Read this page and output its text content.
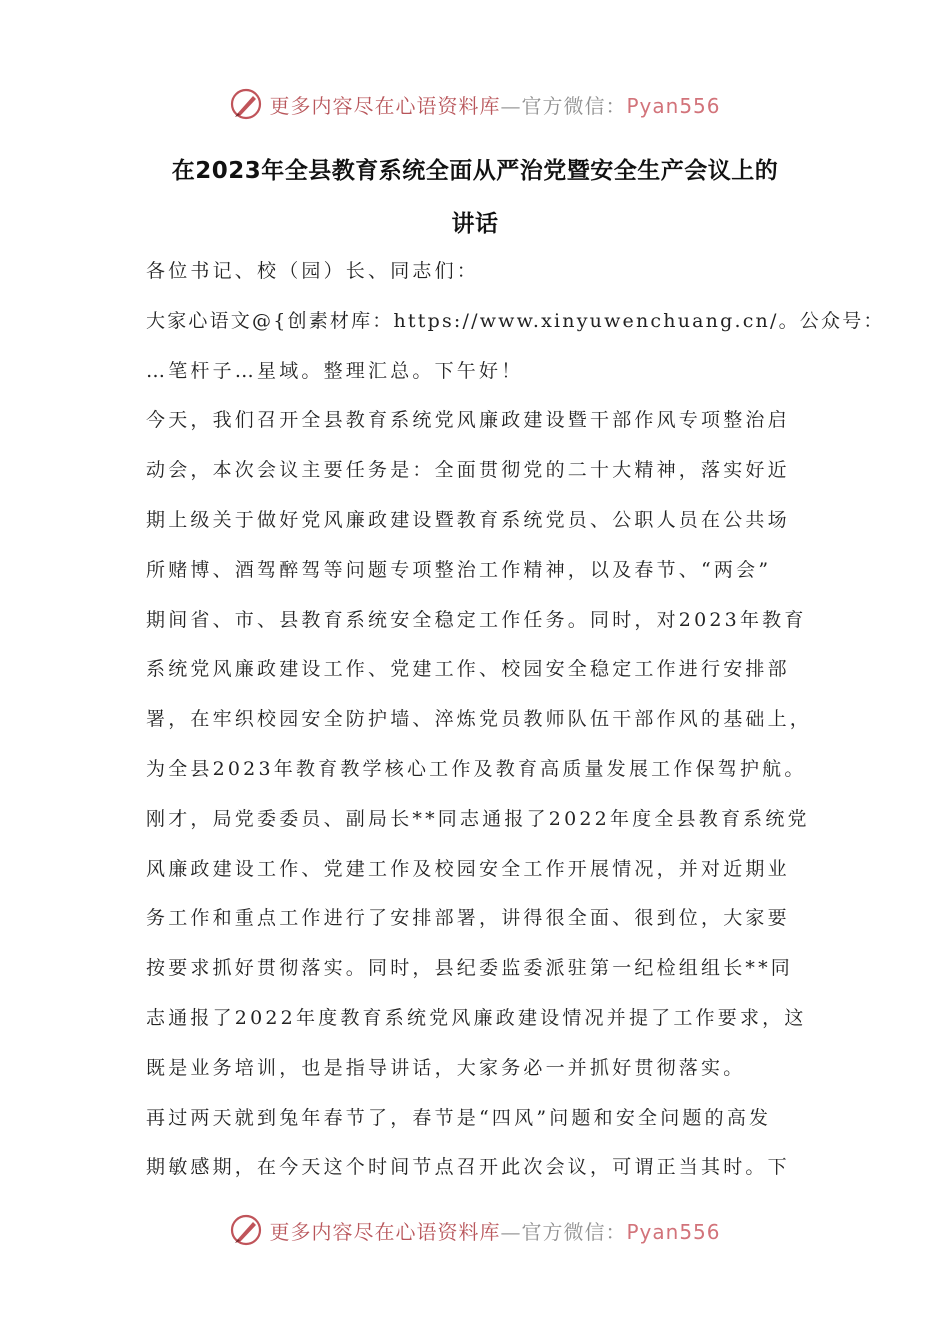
更多内容尽在心语资料库—官方微信：Pyan556
在2023年全县教育系统全面从严治党暨安全生产会议上的
讲话
各位书记、校（园）长、同志们：
大家心语文@{创素材库：https://www.xinyuwenchuang.cn/。公众号：
…笔杆子…星域。整理汇总。下午好！
今天，我们召开全县教育系统党风廉政建设暨干部作风专项整治启
动会，本次会议主要任务是：全面贯彻党的二十大精神，落实好近
期上级关于做好党风廉政建设暨教育系统党员、公职人员在公共场
所赌博、酒驾醉驾等问题专项整治工作精神，以及春节、“两会”
期间省、市、县教育系统安全稳定工作任务。同时，对2023年教育
系统党风廉政建设工作、党建工作、校园安全稳定工作进行安排部
署，在牢织校园安全防护墙、淬炼党员教师队伍干部作风的基础上，
为全县2023年教育教学核心工作及教育高质量发展工作保驾护航。
刚才，局党委委员、副局长**同志通报了2022年度全县教育系统党
风廉政建设工作、党建工作及校园安全工作开展情况，并对近期业
务工作和重点工作进行了安排部署，讲得很全面、很到位，大家要
按要求抓好贯彻落实。同时，县纪委监委派驻第一纪检组组长**同
志通报了2022年度教育系统党风廉政建设情况并提了工作要求，这
既是业务培训，也是指导讲话，大家务必一并抓好贯彻落实。
再过两天就到兔年春节了，春节是“四风”问题和安全问题的高发
期敏感期，在今天这个时间节点召开此次会议，可谓正当其时。下
更多内容尽在心语资料库—官方微信：Pyan556
